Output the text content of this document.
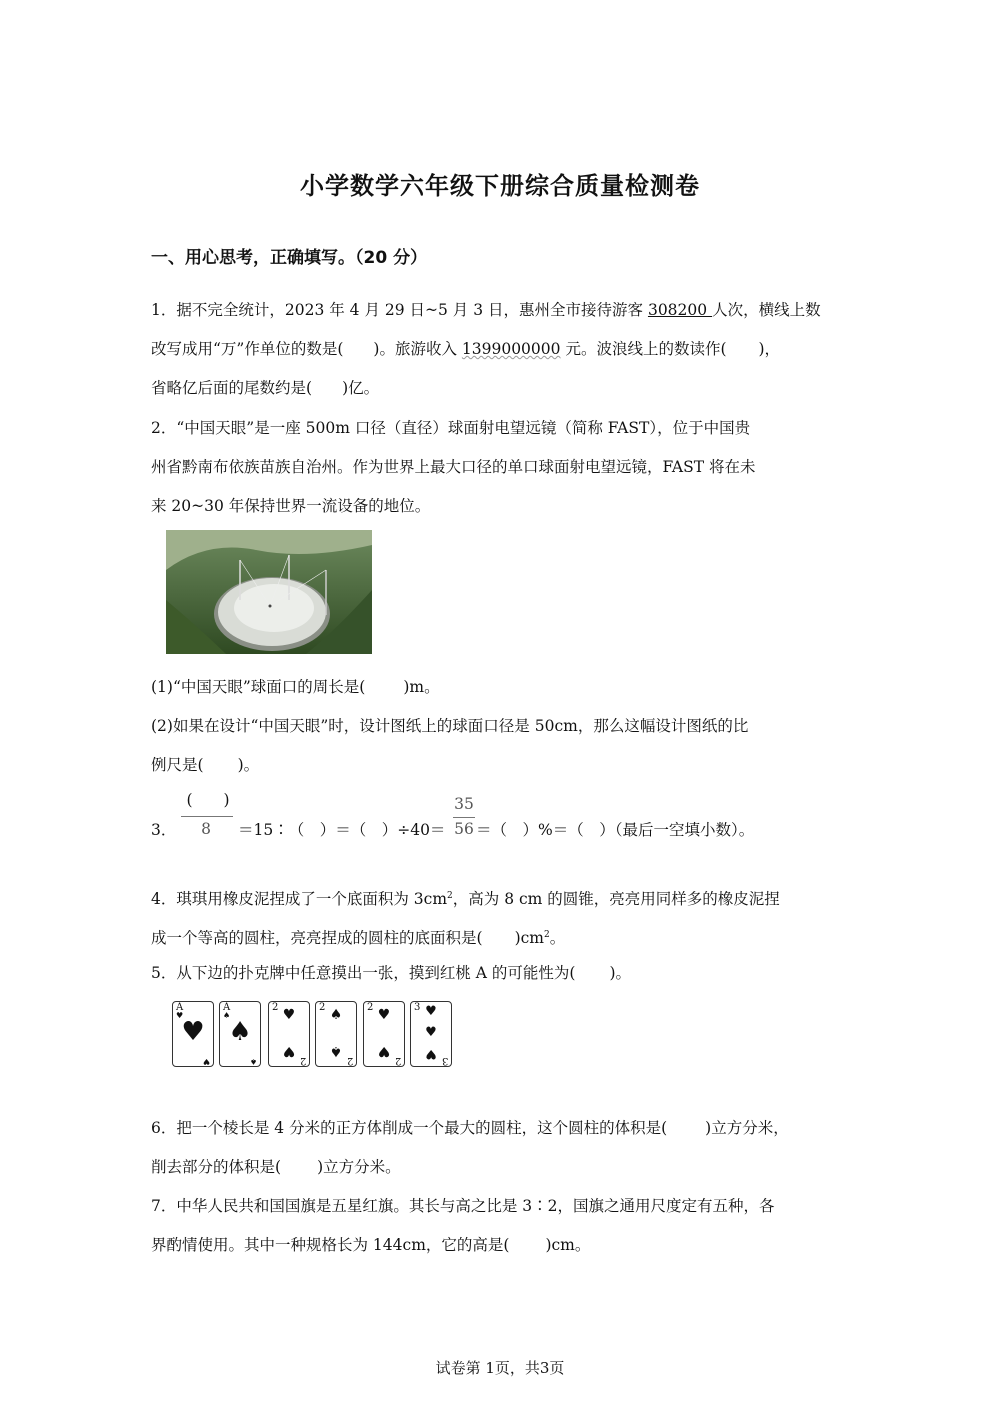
小学数学六年级下册综合质量检测卷
一、用心思考，正确填写。（20 分）
1．据不完全统计，2023 年 4 月 29 日~5 月 3 日，惠州全市接待游客 308200 人次，横线上数
改写成用“万”作单位的数是( )。旅游收入 1399000000 元。波浪线上的数读作( )，
省略亿后面的尾数约是( )亿。
2．“中国天眼”是一座 500m 口径（直径）球面射电望远镜（简称 FAST），位于中国贵
州省黔南布依族苗族自治州。作为世界上最大口径的单口球面射电望远镜，FAST 将在未
来 20~30 年保持世界一流设备的地位。
(1)“中国天眼”球面口的周长是( )m。
(2)如果在设计“中国天眼”时，设计图纸上的球面口径是 50cm，那么这幅设计图纸的比
例尺是( )。
3．
(　　)
8	＝15∶（　）＝（　）÷40＝
35
56 ＝（　）%＝（　）（最后一空填小数）。
4．琪琪用橡皮泥捏成了一个底面积为 $3cm^2$，高为 8 cm 的圆锥，亮亮用同样多的橡皮泥捏
成一个等高的圆柱，亮亮捏成的圆柱的底面积是( )$cm^2$。
5．从下边的扑克牌中任意摸出一张，摸到红桃 A 的可能性为( )。
A
♥
♥
♥
A
♠
♠
♠
2 ♥
♥
2
2 ♠
♠
2
2 ♥
♥
2
3 ♥
♥
♥ 3
6．把一个棱长是 4 分米的正方体削成一个最大的圆柱，这个圆柱的体积是( )立方分米，
削去部分的体积是( )立方分米。
7．中华人民共和国国旗是五星红旗。其长与高之比是 3∶2，国旗之通用尺度定有五种，各
界酌情使用。其中一种规格长为 144cm，它的高是( )cm。
试卷第 1页，共3页
